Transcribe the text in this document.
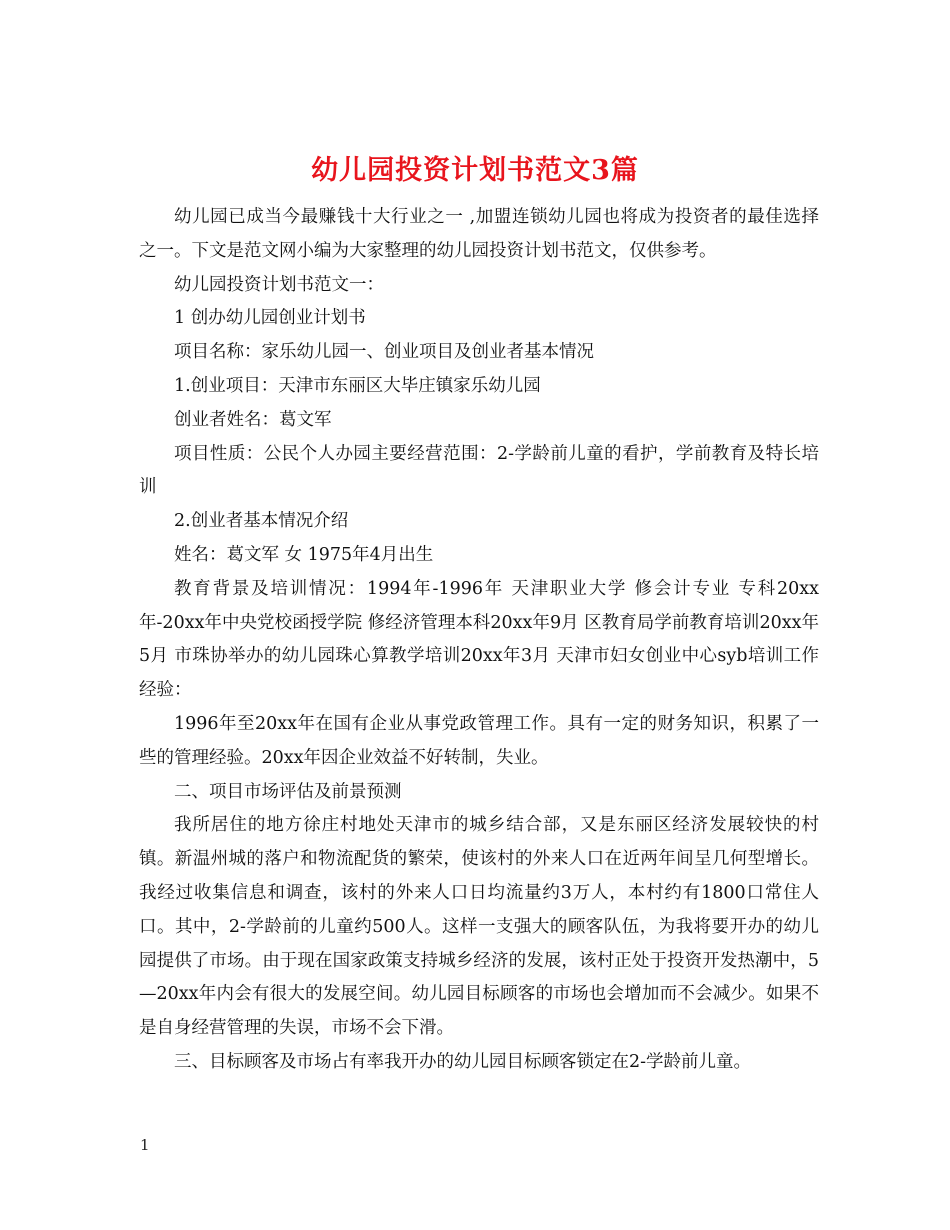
幼儿园投资计划书范文3篇

幼儿园已成当今最赚钱十大行业之一 ,加盟连锁幼儿园也将成为投资者的最佳选择 之一。下文是范文网小编为大家整理的幼儿园投资计划书范文，仅供参考。

幼儿园投资计划书范文一：

1 创办幼儿园创业计划书

项目名称：家乐幼儿园一、创业项目及创业者基本情况

1.创业项目：天津市东丽区大毕庄镇家乐幼儿园

创业者姓名：葛文军

项目性质：公民个人办园主要经营范围：2-学龄前儿童的看护，学前教育及特长培训

2.创业者基本情况介绍

姓名：葛文军 女 1975年4月出生

教育背景及培训情况：1994年-1996年 天津职业大学 修会计专业 专科20xx年-20xx年中央党校函授学院 修经济管理本科20xx年9月 区教育局学前教育培训20xx年5月 市珠协举办的幼儿园珠心算教学培训20xx年3月 天津市妇女创业中心syb培训工作经验：

1996年至20xx年在国有企业从事党政管理工作。具有一定的财务知识，积累了一些的管理经验。20xx年因企业效益不好转制，失业。

二、项目市场评估及前景预测

我所居住的地方徐庄村地处天津市的城乡结合部，又是东丽区经济发展较快的村镇。新温州城的落户和物流配货的繁荣，使该村的外来人口在近两年间呈几何型增长。我经过收集信息和调查，该村的外来人口日均流量约3万人，本村约有1800口常住人口。其中，2-学龄前的儿童约500人。这样一支强大的顾客队伍，为我将要开办的幼儿园提供了市场。由于现在国家政策支持城乡经济的发展，该村正处于投资开发热潮中，5—20xx年内会有很大的发展空间。幼儿园目标顾客的市场也会增加而不会减少。如果不是自身经营管理的失误，市场不会下滑。

三、目标顾客及市场占有率我开办的幼儿园目标顾客锁定在2-学龄前儿童。

1
